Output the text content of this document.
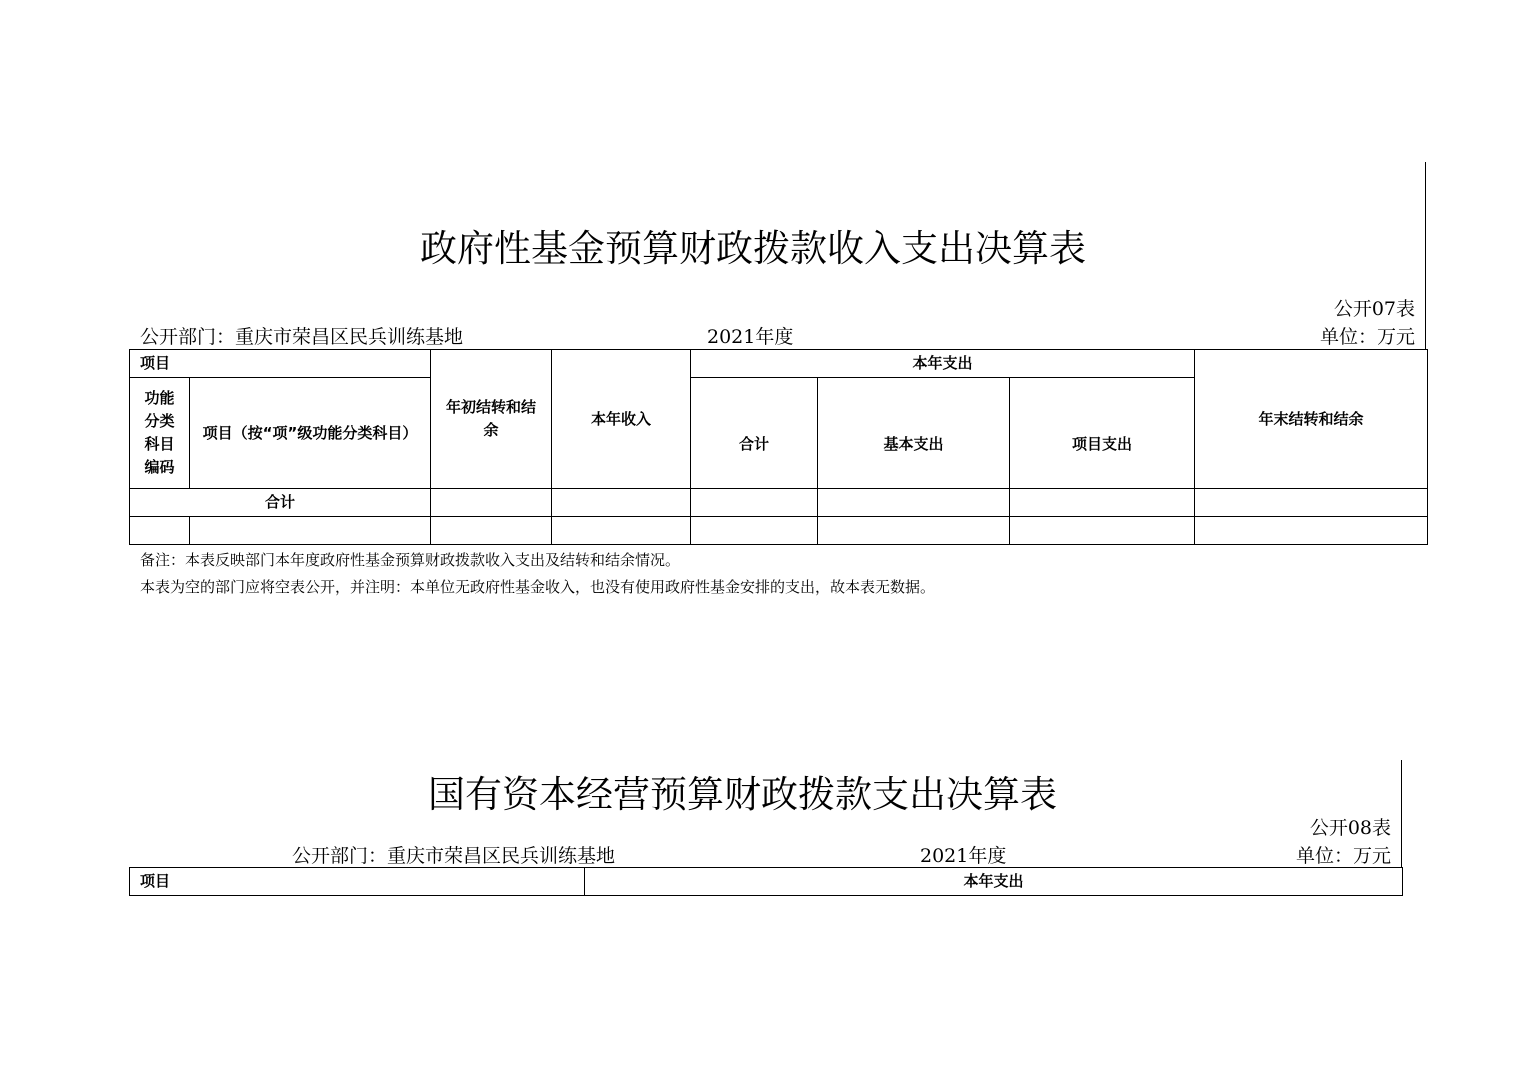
政府性基金预算财政拨款收入支出决算表
公开07表
公开部门：重庆市荣昌区民兵训练基地	2021年度	单位：万元
项目		年初结转和结余	本年收入	本年支出			年末结转和结余

功能分类科目编码	项目（按“项”级功能分类科目）			合计	基本支出	项目支出	
合计							

备注：本表反映部门本年度政府性基金预算财政拨款收入支出及结转和结余情况。
本表为空的部门应将空表公开，并注明：本单位无政府性基金收入，也没有使用政府性基金安排的支出，故本表无数据。
国有资本经营预算财政拨款支出决算表
公开08表
公开部门：重庆市荣昌区民兵训练基地	2021年度	单位：万元
项目	本年支出
